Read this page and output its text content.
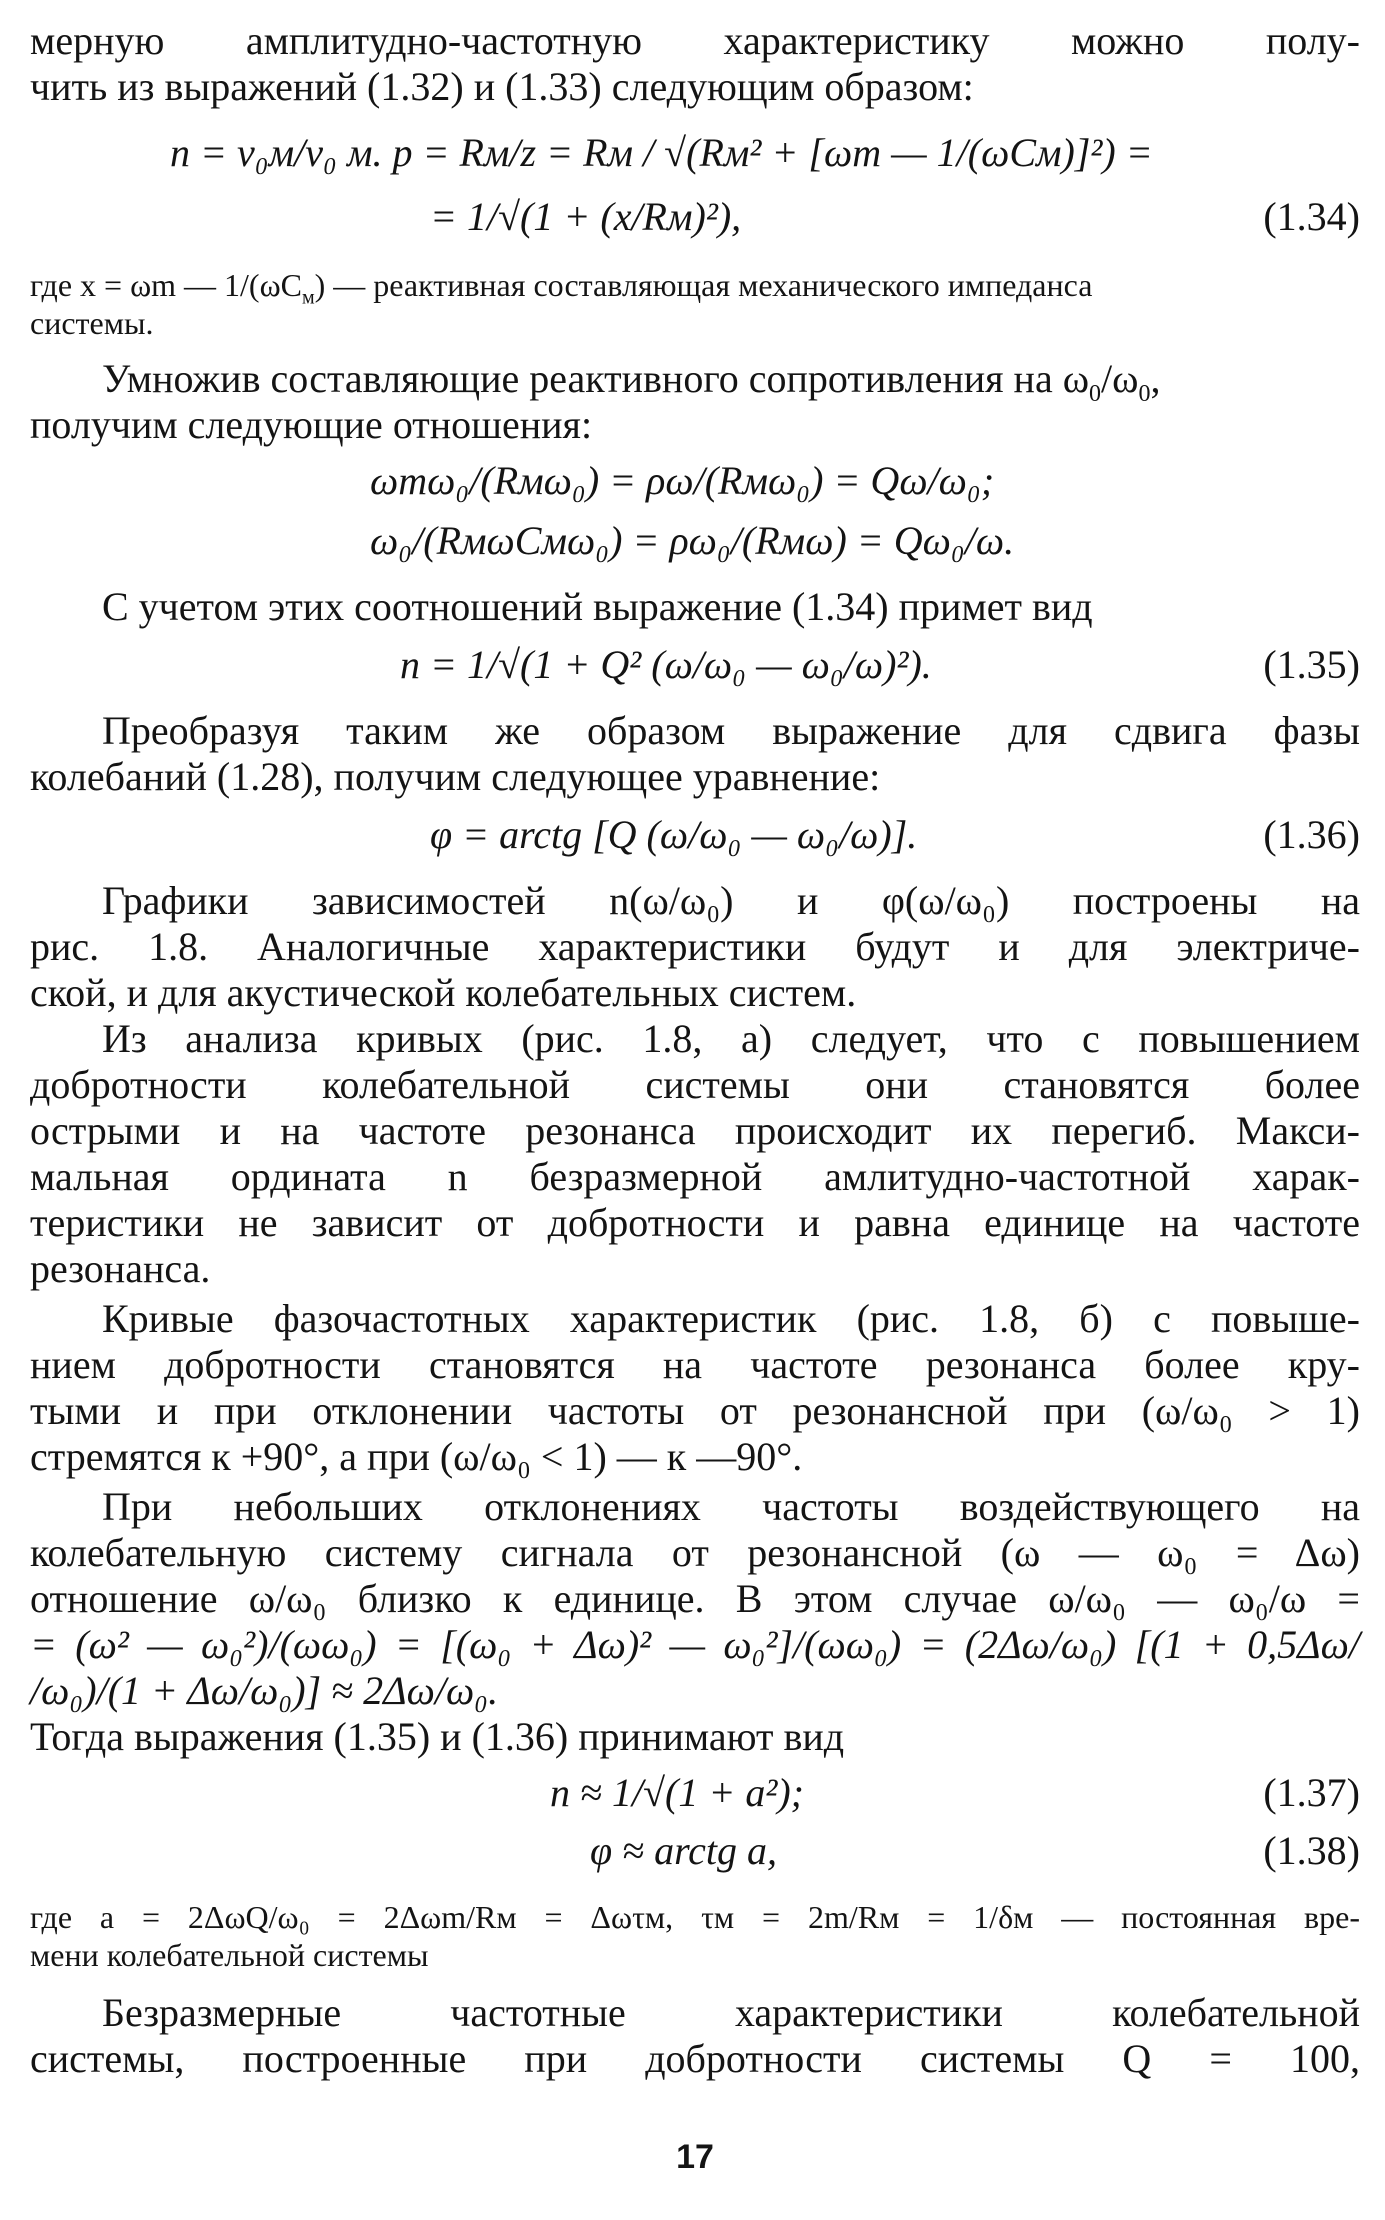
мерную амплитудно-частотную характеристику можно полу-
чить из выражений (1.32) и (1.33) следующим образом:
n = v₀м/v₀ м. р = Rм/z = Rм / √(Rм² + [ωm — 1/(ωCм)]²) =
= 1/√(1 + (x/Rм)²),	(1.34)
где x = ωm — $1/(\omega C_м)$ — реактивная составляющая механического импеданса
системы.
Умножив составляющие реактивного сопротивления на $\omega_0/\omega_0$,
получим следующие отношения:
ωmω₀/(Rмω₀) = ρω/(Rмω₀) = Qω/ω₀;
ω₀/(RмωCмω₀) = ρω₀/(Rмω) = Qω₀/ω.
С учетом этих соотношений выражение (1.34) примет вид
n = 1/√(1 + Q² (ω/ω₀ — ω₀/ω)²).	(1.35)
Преобразуя таким же образом выражение для сдвига фазы
колебаний (1.28), получим следующее уравнение:
φ = arctg [Q (ω/ω₀ — ω₀/ω)].	(1.36)
Графики зависимостей n(ω/ω₀) и φ(ω/ω₀) построены на
рис. 1.8. Аналогичные характеристики будут и для электриче-
ской, и для акустической колебательных систем.
Из анализа кривых (рис. 1.8, а) следует, что с повышением
добротности колебательной системы они становятся более
острыми и на частоте резонанса происходит их перегиб. Макси-
мальная ордината n безразмерной амлитудно-частотной харак-
теристики не зависит от добротности и равна единице на частоте
резонанса.
Кривые фазочастотных характеристик (рис. 1.8, б) с повыше-
нием добротности становятся на частоте резонанса более кру-
тыми и при отклонении частоты от резонансной при (ω/ω₀ > 1)
стремятся к +90°, а при (ω/ω₀ < 1) — к —90°.
При небольших отклонениях частоты воздействующего на
колебательную систему сигнала от резонансной (ω — ω₀ = Δω)
отношение ω/ω₀ близко к единице. В этом случае ω/ω₀ — ω₀/ω =
= (ω² — ω₀²)/(ωω₀) = [(ω₀ + Δω)² — ω₀²]/(ωω₀) = (2Δω/ω₀) [(1 + 0,5Δω/
/ω₀)/(1 + Δω/ω₀)] ≈ 2Δω/ω₀.
Тогда выражения (1.35) и (1.36) принимают вид
n ≈ 1/√(1 + a²);	(1.37)
φ ≈ arctg a,	(1.38)
где a = 2ΔωQ/ω₀ = 2Δωm/Rм = Δωτм, τм = 2m/Rм = 1/δм — постоянная вре-
мени колебательной системы
Безразмерные частотные характеристики колебательной
системы, построенные при добротности системы Q = 100,
17
